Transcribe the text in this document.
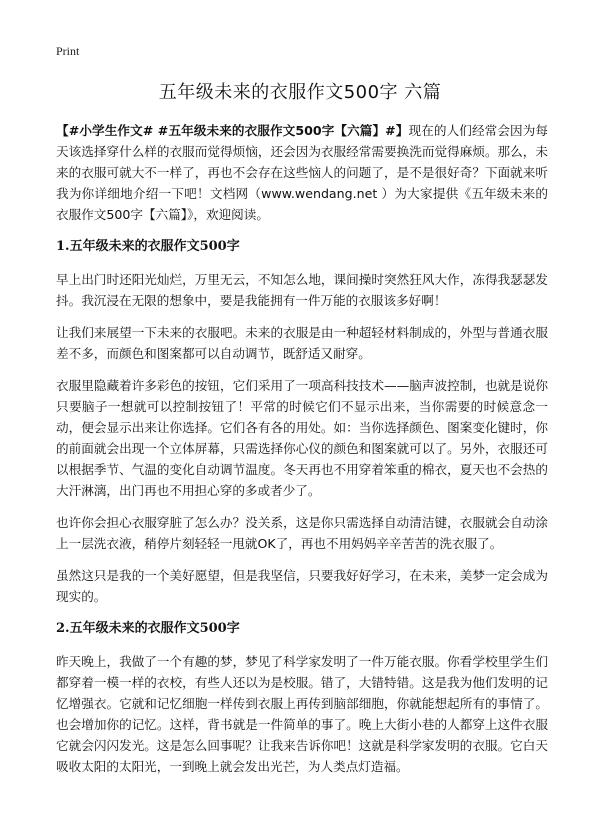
Print
五年级未来的衣服作文500字 六篇

【#小学生作文# #五年级未来的衣服作文500字【六篇】#】现在的人们经常会因为每天该选择穿什么样的衣服而觉得烦恼，还会因为衣服经常需要换洗而觉得麻烦。那么，未来的衣服可就大不一样了，再也不会存在这些恼人的问题了，是不是很好奇？下面就来听我为你详细地介绍一下吧！文档网（www.wendang.net ）为大家提供《五年级未来的衣服作文500字【六篇】》，欢迎阅读。

1.五年级未来的衣服作文500字

早上出门时还阳光灿烂，万里无云，不知怎么地，课间操时突然狂风大作，冻得我瑟瑟发抖。我沉浸在无限的想象中，要是我能拥有一件万能的衣服该多好啊！

让我们来展望一下未来的衣服吧。未来的衣服是由一种超轻材料制成的，外型与普通衣服差不多，而颜色和图案都可以自动调节，既舒适又耐穿。

衣服里隐藏着许多彩色的按钮，它们采用了一项高科技技术——脑声波控制，也就是说你只要脑子一想就可以控制按钮了！平常的时候它们不显示出来，当你需要的时候意念一动，便会显示出来让你选择。它们各有各的用处。如：当你选择颜色、图案变化键时，你的前面就会出现一个立体屏幕，只需选择你心仪的颜色和图案就可以了。另外，衣服还可以根据季节、气温的变化自动调节温度。冬天再也不用穿着笨重的棉衣，夏天也不会热的大汗淋漓，出门再也不用担心穿的多或者少了。

也许你会担心衣服穿脏了怎么办？没关系，这是你只需选择自动清洁键，衣服就会自动涂上一层洗衣液，稍停片刻轻轻一甩就OK了，再也不用妈妈辛辛苦苦的洗衣服了。

虽然这只是我的一个美好愿望，但是我坚信，只要我好好学习，在未来，美梦一定会成为现实的。

2.五年级未来的衣服作文500字

昨天晚上，我做了一个有趣的梦，梦见了科学家发明了一件万能衣服。你看学校里学生们都穿着一模一样的衣校，有些人还以为是校服。错了，大错特错。这是我为他们发明的记忆增强衣。它就和记忆细胞一样传到衣服上再传到脑部细胞，你就能想起所有的事情了。也会增加你的记忆。这样，背书就是一件简单的事了。晚上大街小巷的人都穿上这件衣服它就会闪闪发光。这是怎么回事呢？让我来告诉你吧！这就是科学家发明的衣服。它白天吸收太阳的太阳光，一到晚上就会发出光芒，为人类点灯造福。
